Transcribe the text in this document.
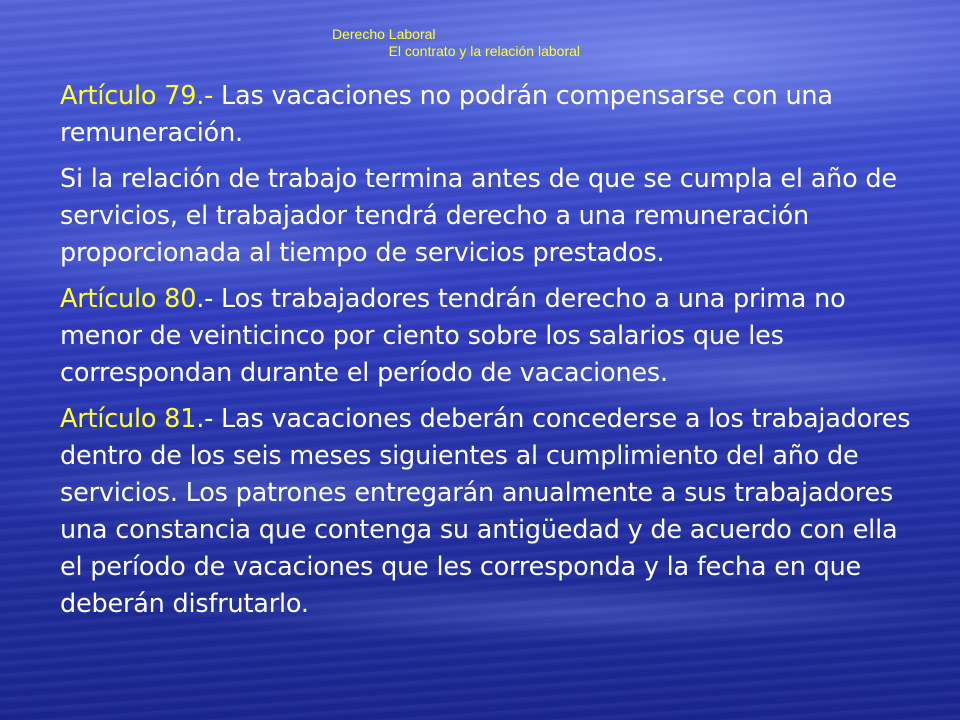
Derecho Laboral
El contrato y la relación laboral

Artículo 79.- Las vacaciones no podrán compensarse con una remuneración.

Si la relación de trabajo termina antes de que se cumpla el año de servicios, el trabajador tendrá derecho a una remuneración proporcionada al tiempo de servicios prestados.

Artículo 80.- Los trabajadores tendrán derecho a una prima no menor de veinticinco por ciento sobre los salarios que les correspondan durante el período de vacaciones.

Artículo 81.- Las vacaciones deberán concederse a los trabajadores dentro de los seis meses siguientes al cumplimiento del año de servicios. Los patrones entregarán anualmente a sus trabajadores una constancia que contenga su antigüedad y de acuerdo con ella el período de vacaciones que les corresponda y la fecha en que deberán disfrutarlo.
